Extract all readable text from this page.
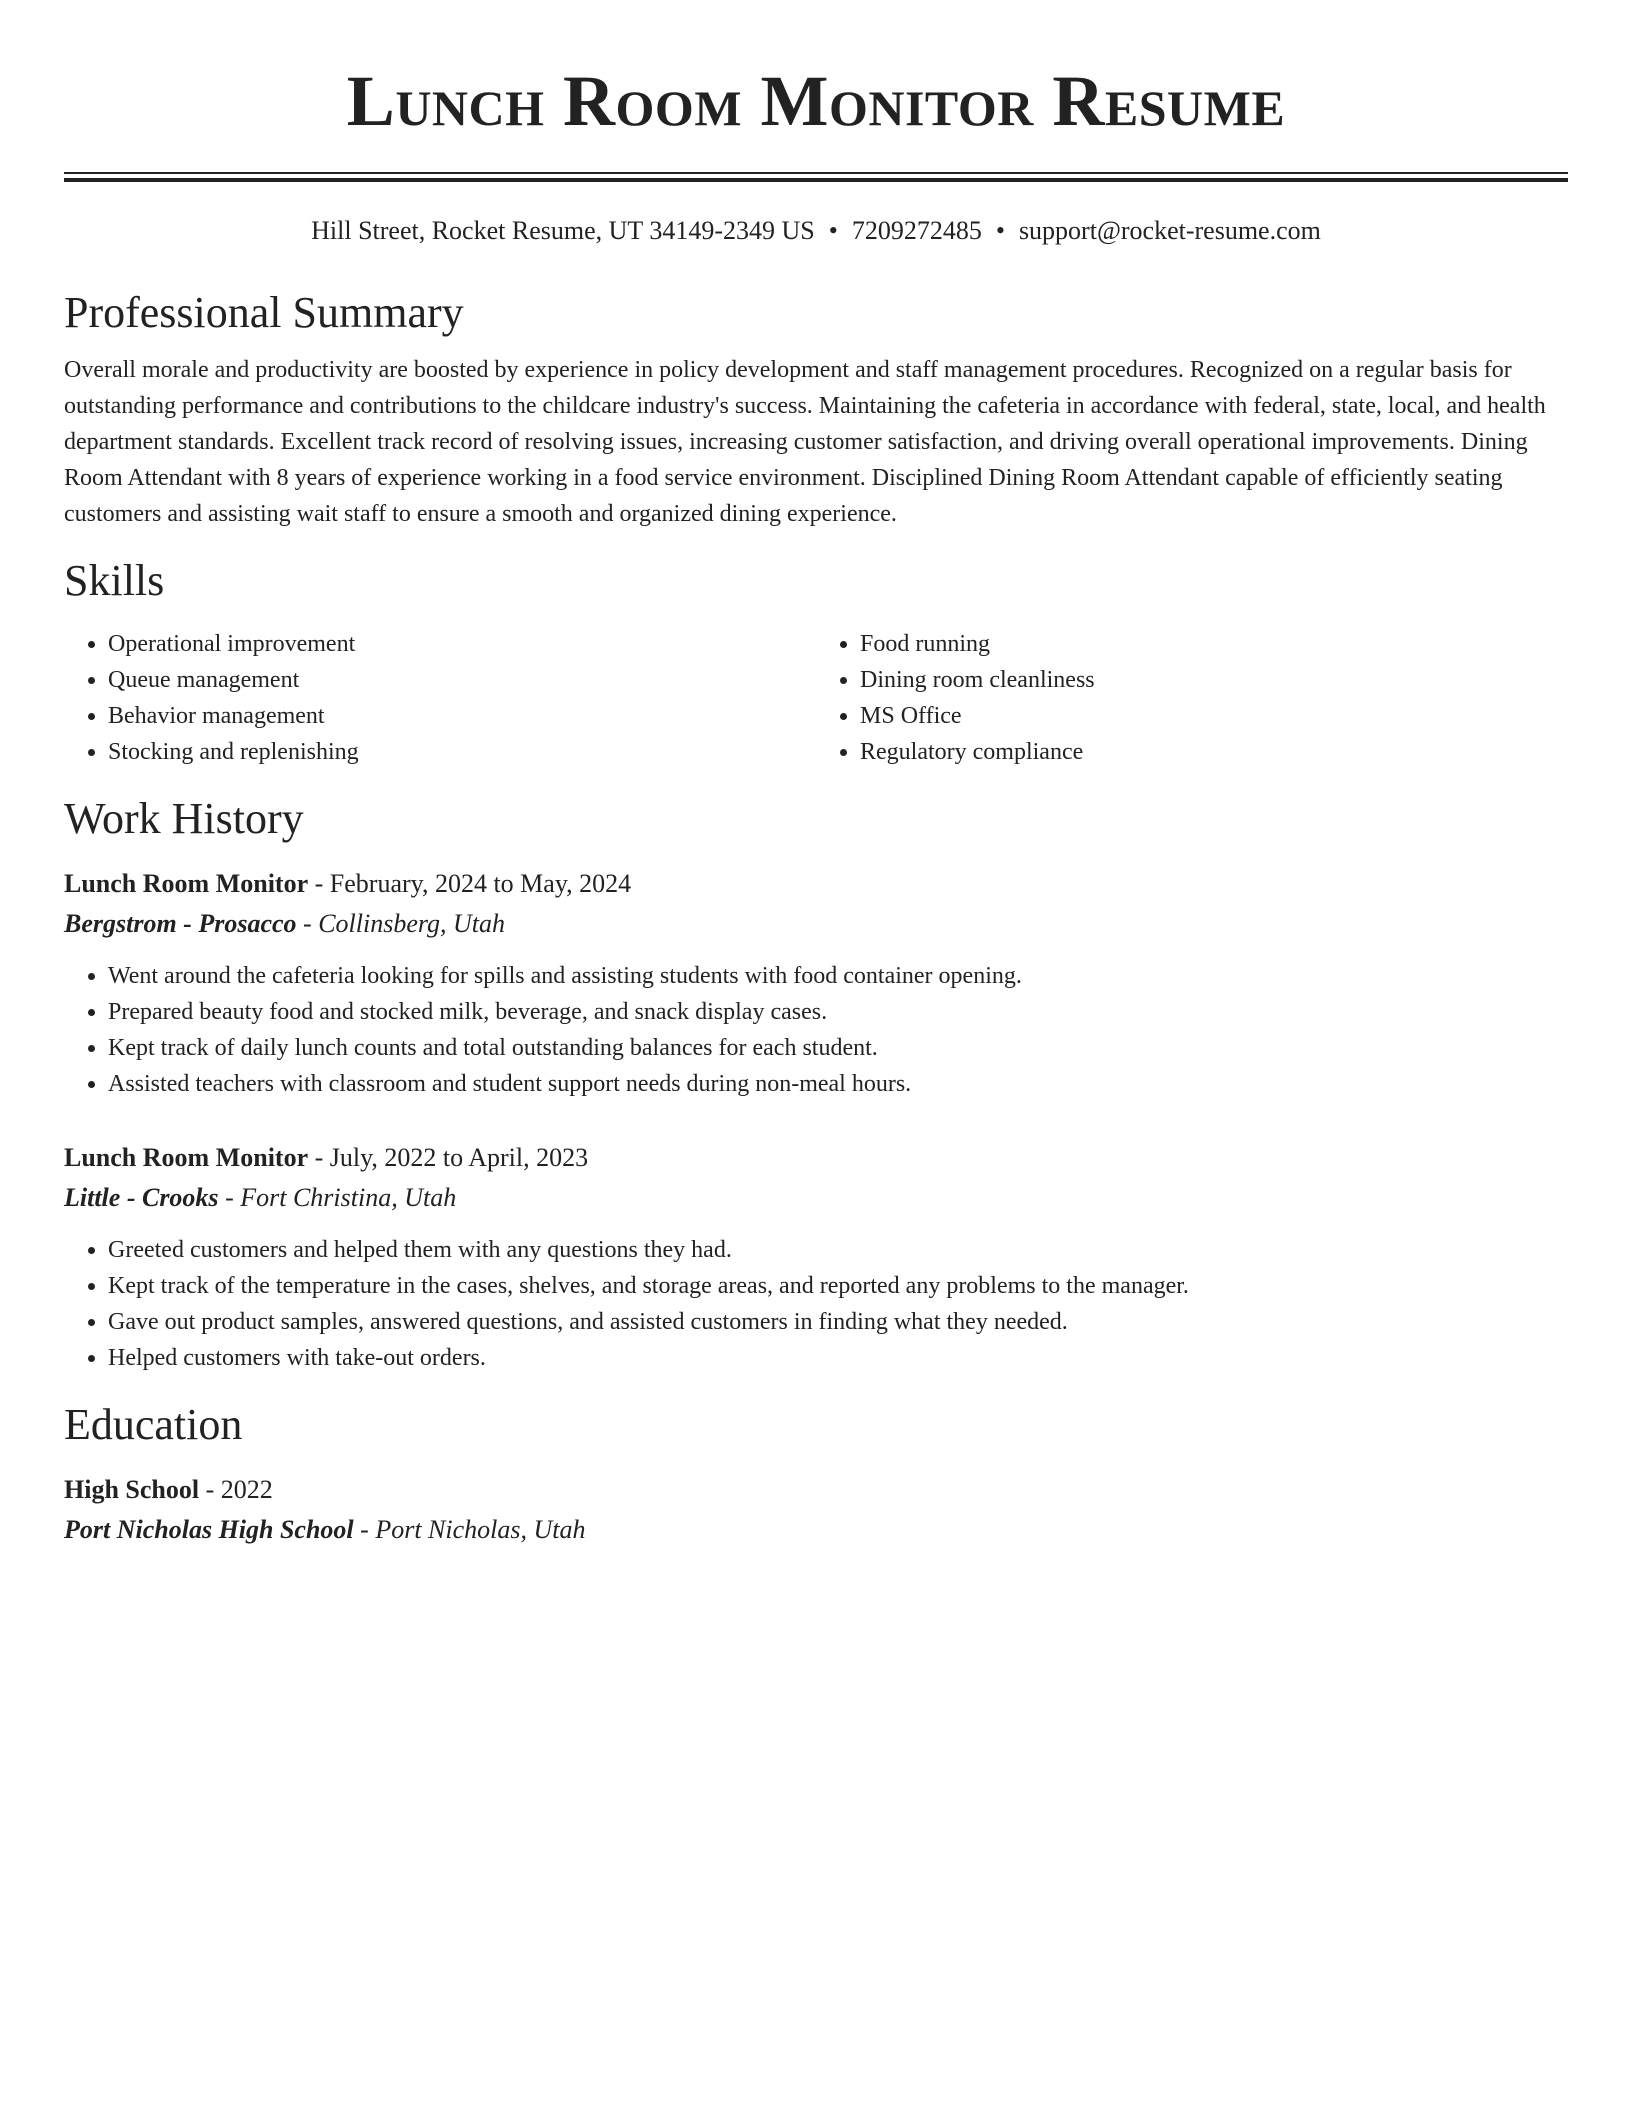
Lunch Room Monitor Resume
Hill Street, Rocket Resume, UT 34149-2349 US • 7209272485 • support@rocket-resume.com
Professional Summary

Overall morale and productivity are boosted by experience in policy development and staff management procedures. Recognized on a regular basis for outstanding performance and contributions to the childcare industry's success. Maintaining the cafeteria in accordance with federal, state, local, and health department standards. Excellent track record of resolving issues, increasing customer satisfaction, and driving overall operational improvements. Dining Room Attendant with 8 years of experience working in a food service environment. Disciplined Dining Room Attendant capable of efficiently seating customers and assisting wait staff to ensure a smooth and organized dining experience.

Skills
• Operational improvement
• Queue management
• Behavior management
• Stocking and replenishing
• Food running
• Dining room cleanliness
• MS Office
• Regulatory compliance
Work History
Lunch Room Monitor - February, 2024 to May, 2024
Bergstrom - Prosacco - Collinsberg, Utah
• Went around the cafeteria looking for spills and assisting students with food container opening.
• Prepared beauty food and stocked milk, beverage, and snack display cases.
• Kept track of daily lunch counts and total outstanding balances for each student.
• Assisted teachers with classroom and student support needs during non-meal hours.
Lunch Room Monitor - July, 2022 to April, 2023
Little - Crooks - Fort Christina, Utah
• Greeted customers and helped them with any questions they had.
• Kept track of the temperature in the cases, shelves, and storage areas, and reported any problems to the manager.
• Gave out product samples, answered questions, and assisted customers in finding what they needed.
• Helped customers with take-out orders.
Education
High School - 2022
Port Nicholas High School - Port Nicholas, Utah
